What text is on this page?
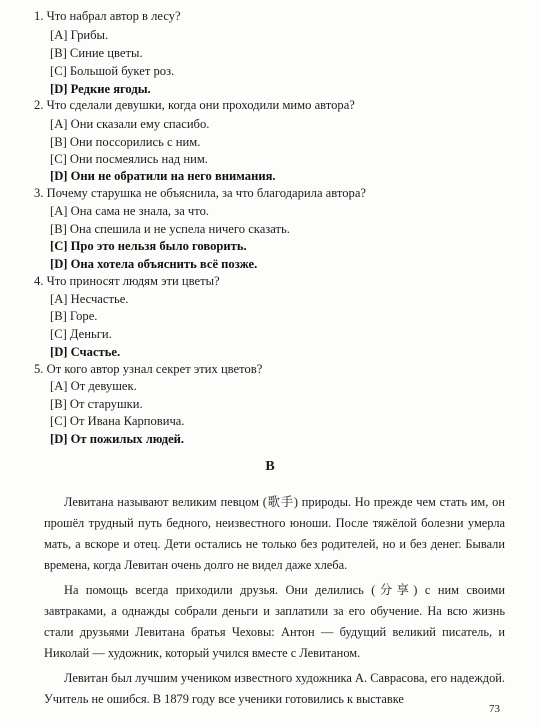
1. Что набрал автор в лесу?
[A] Грибы.
[B] Синие цветы.
[C] Большой букет роз.
[D] Редкие ягоды.
2. Что сделали девушки, когда они проходили мимо автора?
[A] Они сказали ему спасибо.
[B] Они поссорились с ним.
[C] Они посмеялись над ним.
[D] Они не обратили на него внимания.
3. Почему старушка не объяснила, за что благодарила автора?
[A] Она сама не знала, за что.
[B] Она спешила и не успела ничего сказать.
[C] Про это нельзя было говорить.
[D] Она хотела объяснить всё позже.
4. Что приносят людям эти цветы?
[A] Несчастье.
[B] Горе.
[C] Деньги.
[D] Счастье.
5. От кого автор узнал секрет этих цветов?
[A] От девушек.
[B] От старушки.
[C] От Ивана Карповича.
[D] От пожилых людей.
B

Левитана называют великим певцом (歌手) природы. Но прежде чем стать им, он прошёл трудный путь бедного, неизвестного юноши. После тяжёлой болезни умерла мать, а вскоре и отец. Дети остались не только без родителей, но и без денег. Бывали времена, когда Левитан очень долго не видел даже хлеба.

На помощь всегда приходили друзья. Они делились (分享) с ним своими завтраками, а однажды собрали деньги и заплатили за его обучение. На всю жизнь стали друзьями Левитана братья Чеховы: Антон — будущий великий писатель, и Николай — художник, который учился вместе с Левитаном.

Левитан был лучшим учеником известного художника А. Саврасова, его надеждой. Учитель не ошибся. В 1879 году все ученики готовились к выставке

73
